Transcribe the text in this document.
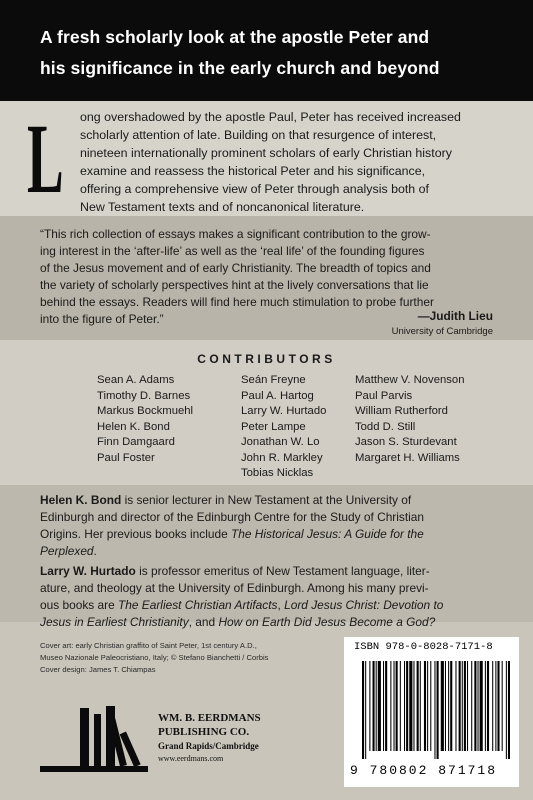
A fresh scholarly look at the apostle Peter and
his significance in the early church and beyond
L ong overshadowed by the apostle Paul, Peter has received increased
scholarly attention of late. Building on that resurgence of interest,
nineteen internationally prominent scholars of early Christian history
examine and reassess the historical Peter and his significance,
offering a comprehensive view of Peter through analysis both of
New Testament texts and of noncanonical literature.
“This rich collection of essays makes a significant contribution to the grow-
ing interest in the ‘after-life’ as well as the ‘real life’ of the founding figures
of the Jesus movement and of early Christianity. The breadth of topics and
the variety of scholarly perspectives hint at the lively conversations that lie
behind the essays. Readers will find here much stimulation to probe further
into the figure of Peter.”	—Judith Lieu
University of Cambridge
CONTRIBUTORS
Sean A. Adams
Timothy D. Barnes
Markus Bockmuehl
Helen K. Bond
Finn Damgaard
Paul Foster
Seán Freyne
Paul A. Hartog
Larry W. Hurtado
Peter Lampe
Jonathan W. Lo
John R. Markley
Tobias Nicklas
Matthew V. Novenson
Paul Parvis
William Rutherford
Todd D. Still
Jason S. Sturdevant
Margaret H. Williams
Helen K. Bond is senior lecturer in New Testament at the University of
Edinburgh and director of the Edinburgh Centre for the Study of Christian
Origins. Her previous books include The Historical Jesus: A Guide for the
Perplexed.
Larry W. Hurtado is professor emeritus of New Testament language, liter-
ature, and theology at the University of Edinburgh. Among his many previ-
ous books are The Earliest Christian Artifacts, Lord Jesus Christ: Devotion to
Jesus in Earliest Christianity, and How on Earth Did Jesus Become a God?
Cover art: early Christian graffito of Saint Peter, 1st century A.D.,
Museo Nazionale Paleocristiano, Italy; © Stefano Bianchetti / Corbis
Cover design: James T. Chiampas
WM. B. EERDMANS
PUBLISHING CO.
Grand Rapids/Cambridge
www.eerdmans.com
ISBN 978-0-8028-7171-8
9 780802 871718
